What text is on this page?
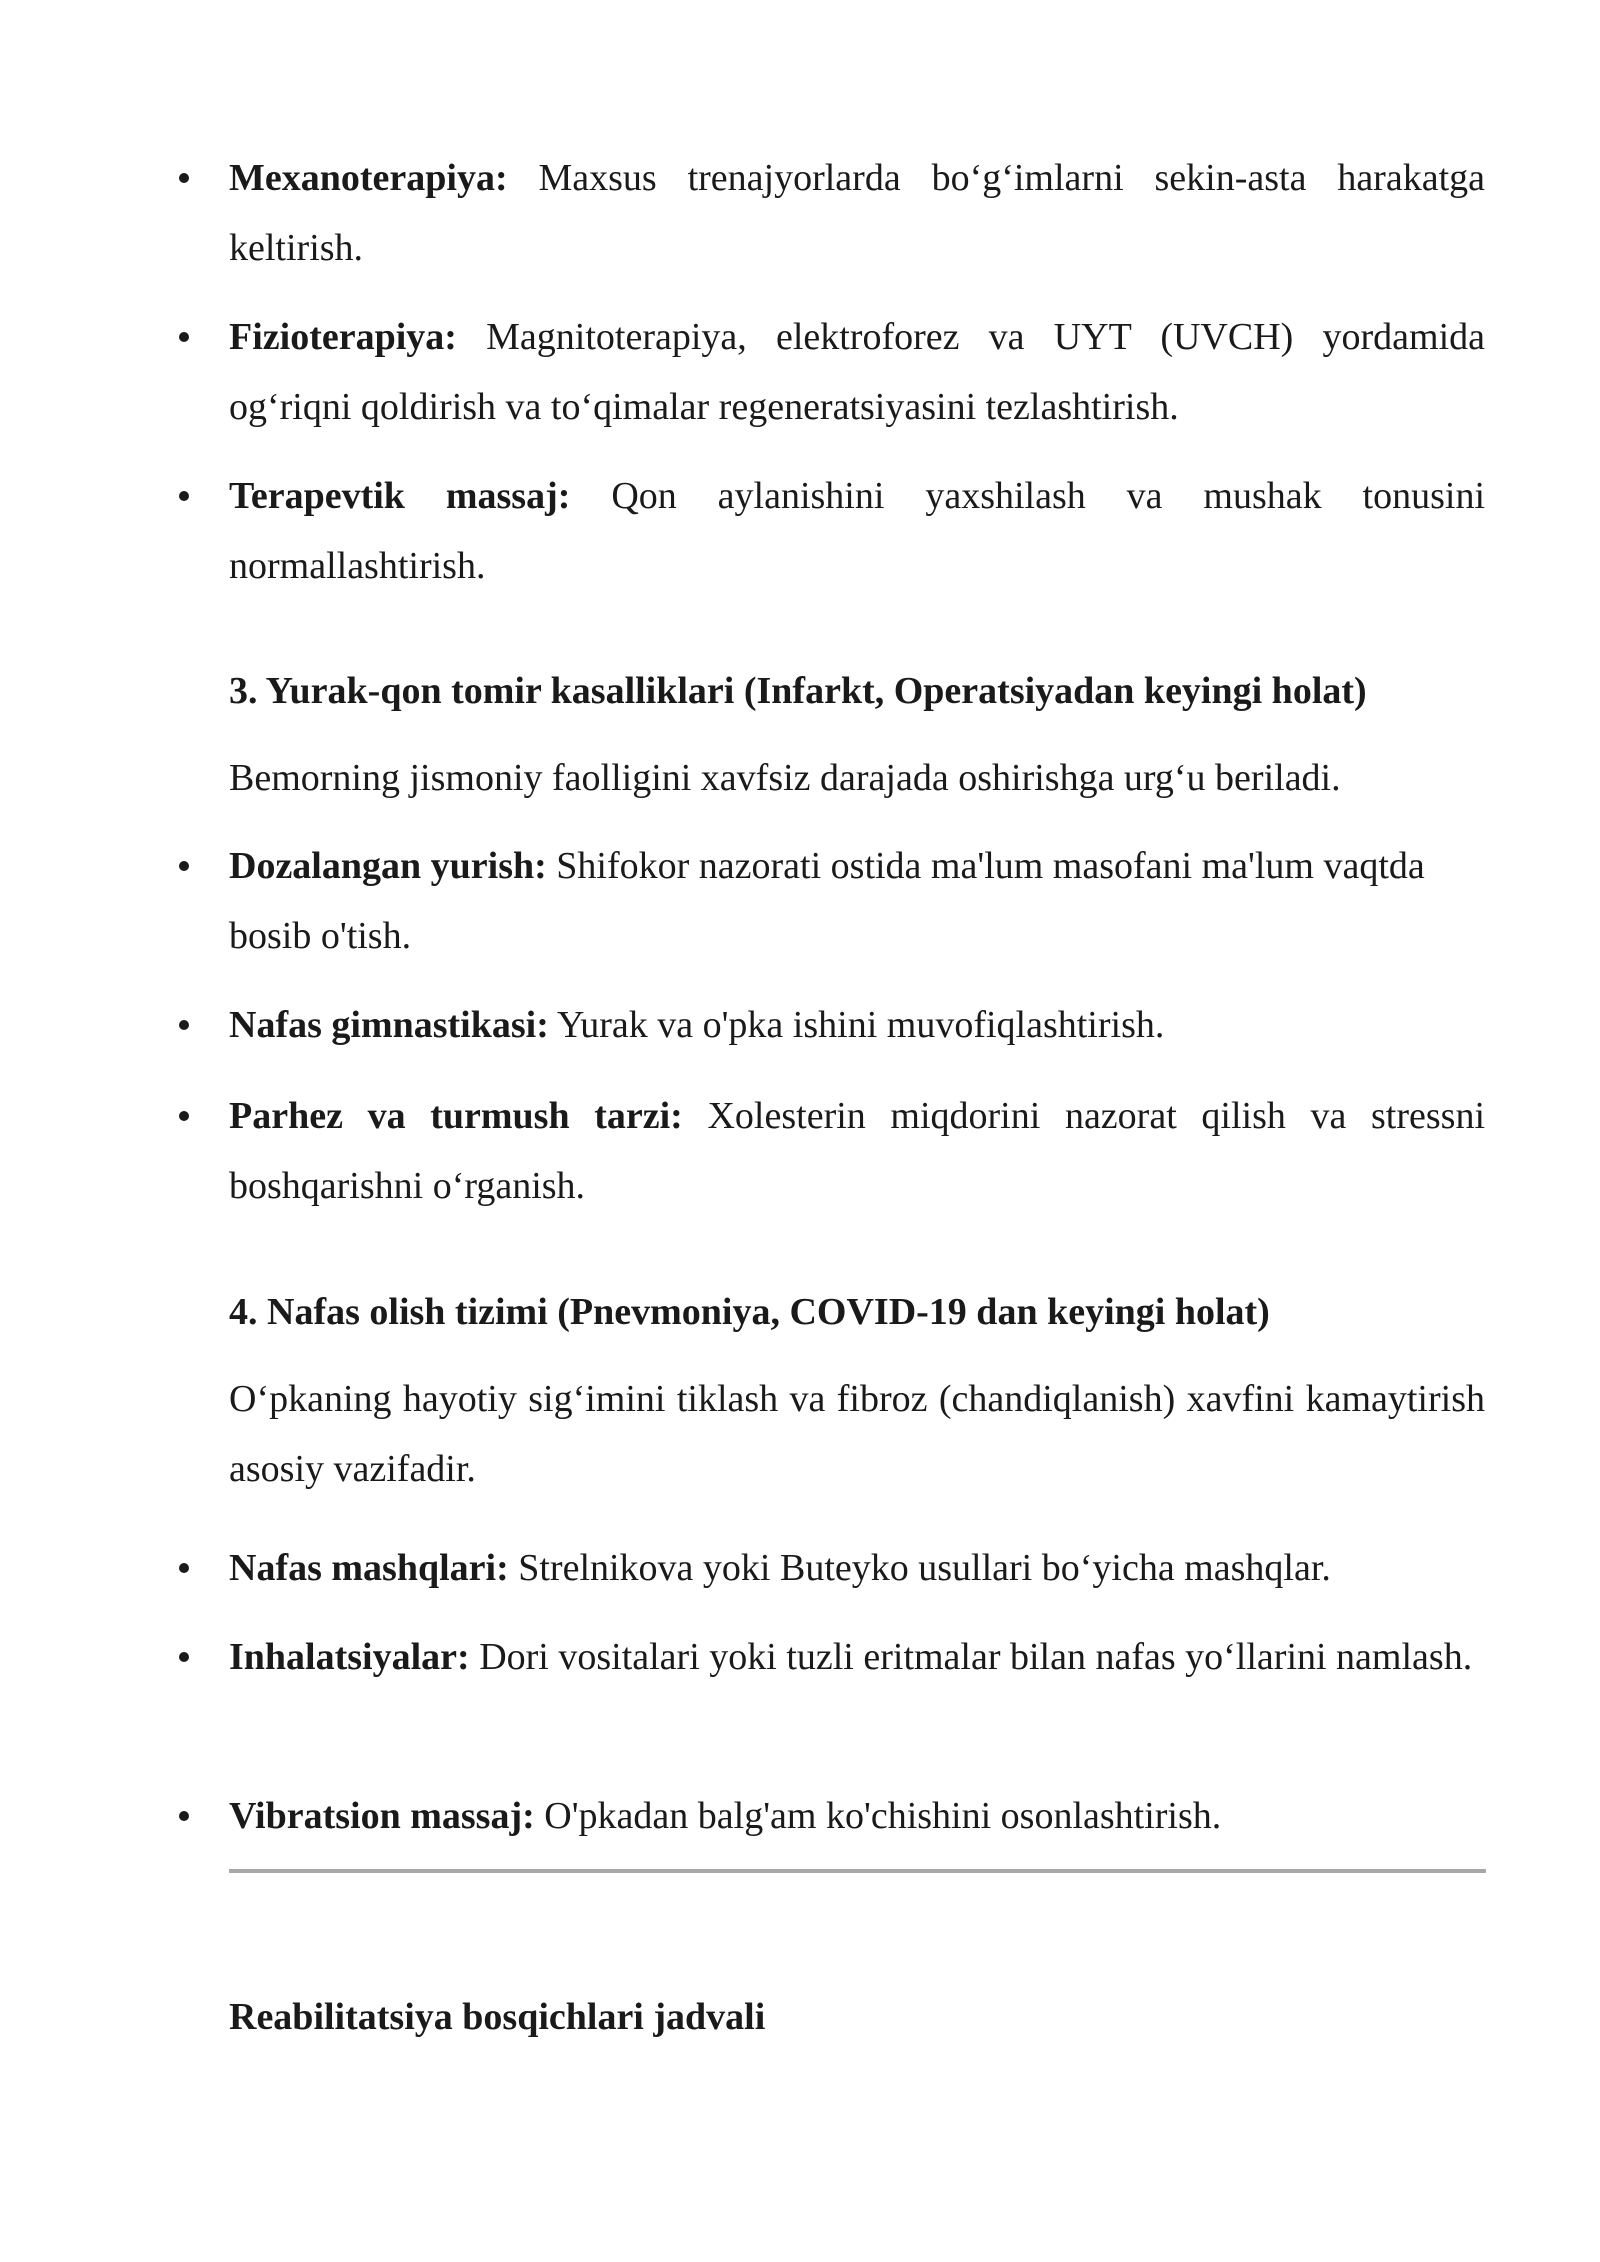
Mexanoterapiya: Maxsus trenajyorlarda bo‘g‘imlarni sekin-asta harakatga keltirish.
Fizioterapiya: Magnitoterapiya, elektroforez va UYT (UVCH) yordamida og‘riqni qoldirish va to‘qimalar regeneratsiyasini tezlashtirish.
Terapevtik massaj: Qon aylanishini yaxshilash va mushak tonusini normallashtirish.
3. Yurak-qon tomir kasalliklari (Infarkt, Operatsiyadan keyingi holat)
Bemorning jismoniy faolligini xavfsiz darajada oshirishga urg‘u beriladi.
Dozalangan yurish: Shifokor nazorati ostida ma'lum masofani ma'lum vaqtda bosib o'tish.
Nafas gimnastikasi: Yurak va o'pka ishini muvofiqlashtirish.
Parhez va turmush tarzi: Xolesterin miqdorini nazorat qilish va stressni boshqarishni o‘rganish.
4. Nafas olish tizimi (Pnevmoniya, COVID-19 dan keyingi holat)
O‘pkaning hayotiy sig‘imini tiklash va fibroz (chandiqlanish) xavfini kamaytirish asosiy vazifadir.
Nafas mashqlari: Strelnikova yoki Buteyko usullari bo‘yicha mashqlar.
Inhalatsiyalar: Dori vositalari yoki tuzli eritmalar bilan nafas yo‘llarini namlash.
Vibratsion massaj: O'pkadan balg'am ko'chishini osonlashtirish.
Reabilitatsiya bosqichlari jadvali
